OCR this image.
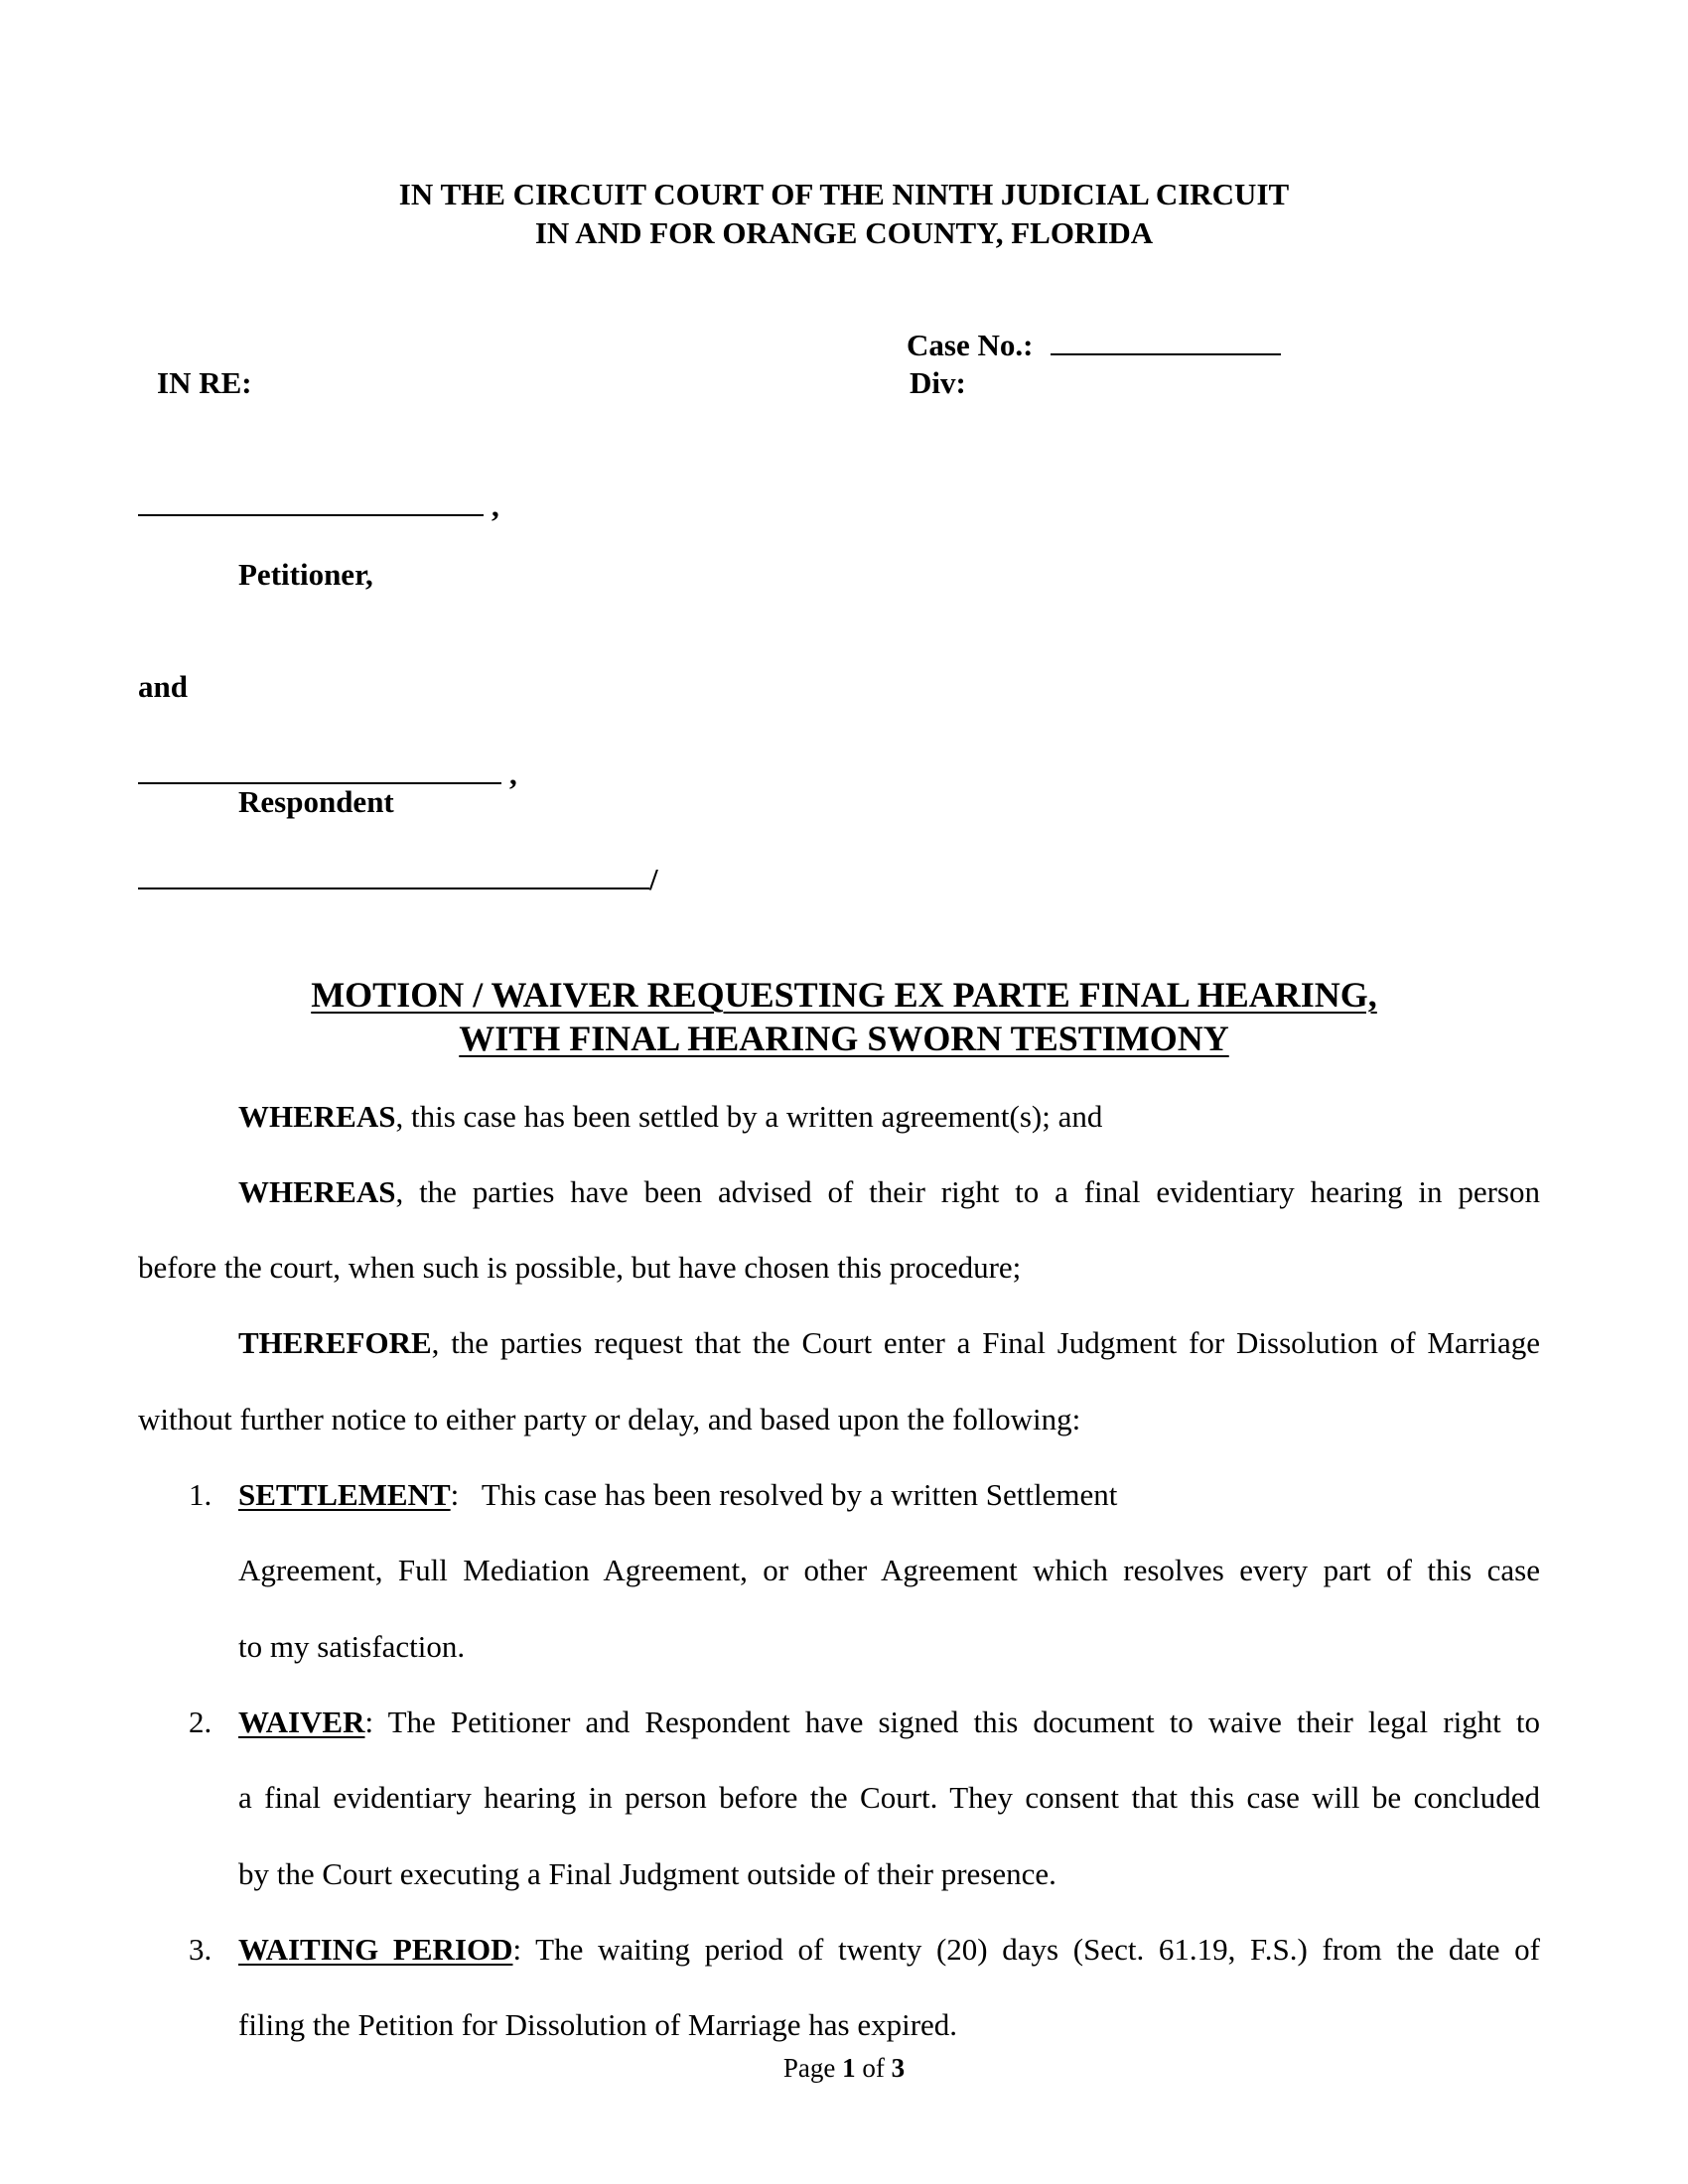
IN THE CIRCUIT COURT OF THE NINTH JUDICIAL CIRCUIT
IN AND FOR ORANGE COUNTY, FLORIDA
Case No.:
Div:
IN RE:
,
Petitioner,
and
,
Respondent
/
MOTION / WAIVER REQUESTING EX PARTE FINAL HEARING,
WITH FINAL HEARING SWORN TESTIMONY
WHEREAS, this case has been settled by a written agreement(s); and
WHEREAS, the parties have been advised of their right to a final evidentiary hearing in person
before the court, when such is possible, but have chosen this procedure;
THEREFORE, the parties request that the Court enter a Final Judgment for Dissolution of Marriage
without further notice to either party or delay, and based upon the following:
1. SETTLEMENT:   This case has been resolved by a written Settlement
Agreement, Full Mediation Agreement, or other Agreement which resolves every part of this case
to my satisfaction.
2. WAIVER: The Petitioner and Respondent have signed this document to waive their legal right to
a final evidentiary hearing in person before the Court. They consent that this case will be concluded
by the Court executing a Final Judgment outside of their presence.
3. WAITING PERIOD: The waiting period of twenty (20) days (Sect. 61.19, F.S.) from the date of
filing the Petition for Dissolution of Marriage has expired.
Page 1 of 3
